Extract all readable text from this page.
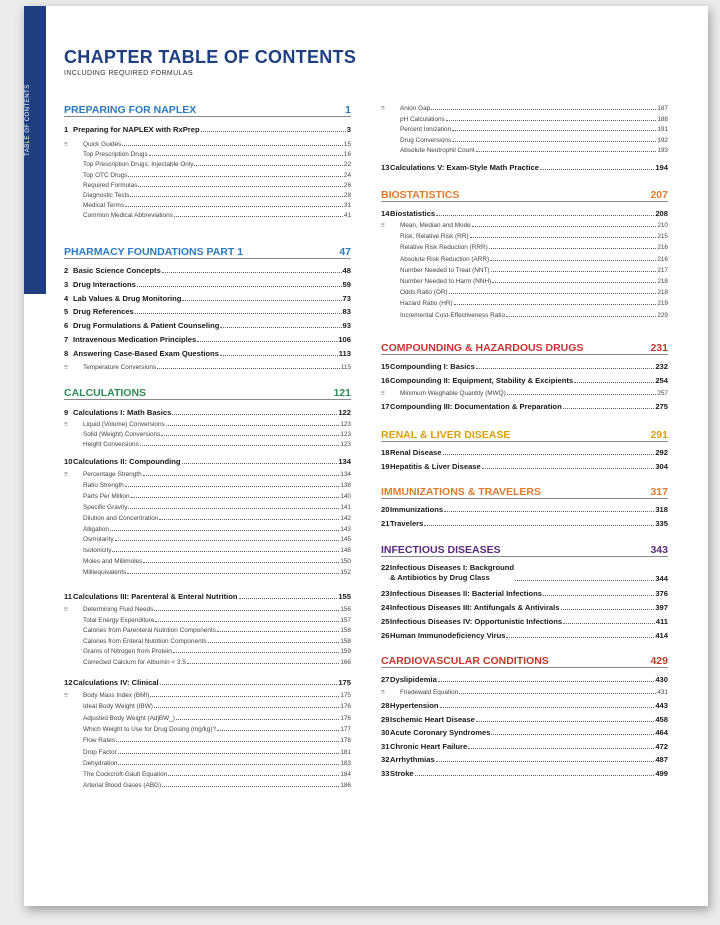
TABLE OF CONTENTS
CHAPTER TABLE OF CONTENTS
INCLUDING REQUIRED FORMULAS
PREPARING FOR NAPLEX	1
1 Preparing for NAPLEX with RxPrep	3
≡ Quick Guides	15
Top Prescription Drugs	16
Top Prescription Drugs: Injectable Only	22
Top OTC Drugs	24
Required Formulas	26
Diagnostic Tests	28
Medical Terms	31
Common Medical Abbreviations	41
PHARMACY FOUNDATIONS PART 1	47
2 Basic Science Concepts	48
3 Drug Interactions	59
4 Lab Values & Drug Monitoring	73
5 Drug References	83
6 Drug Formulations & Patient Counseling	93
7 Intravenous Medication Principles	106
8 Answering Case-Based Exam Questions	113
≡ Temperature Conversions	115
CALCULATIONS	121
9 Calculations I: Math Basics	122
≡ Liquid (Volume) Conversions	123
Solid (Weight) Conversions	123
Height Conversions	123
10Calculations II: Compounding	134
≡ Percentage Strength	134
Ratio Strength	138
Parts Per Million	140
Specific Gravity	141
Dilution and Concentration	142
Alligation	143
Osmolarity	145
Isotonicity	148
Moles and Millimoles	150
Milliequivalents	152
11Calculations III: Parenteral & Enteral Nutrition	155
≡ Determining Fluid Needs	156
Total Energy Expenditure	157
Calories from Parenteral Nutrition Components	158
Calories from Enteral Nutrition Components	158
Grams of Nitrogen from Protein	159
Corrected Calcium for Albumin < 3.5	166
12Calculations IV: Clinical	175
≡ Body Mass Index (BMI)	175
Ideal Body Weight (IBW)	176
Adjusted Body Weight (AdjBW_)	176
Which Weight to Use for Drug Dosing (mg/kg)?	177
Flow Rates	178
Drop Factor	181
Dehydration	183
The Cockcroft-Gault Equation	184
Arterial Blood Gases (ABG)	186
≡ Anion Gap	187
pH Calculations	188
Percent Ionization	191
Drug Conversions	192
Absolute Neutrophil Count	193
13Calculations V: Exam-Style Math Practice	194
BIOSTATISTICS	207
14Biostatistics	208
≡ Mean, Median and Mode	210
Risk, Relative Risk (RR)	215
Relative Risk Reduction (RRR)	216
Absolute Risk Reduction (ARR)	216
Number Needed to Treat (NNT)	217
Number Needed to Harm (NNH)	218
Odds Ratio (OR)	218
Hazard Ratio (HR)	219
Incremental Cost-Effectiveness Ratio	229
COMPOUNDING & HAZARDOUS DRUGS	231
15Compounding I: Basics	232
16Compounding II: Equipment, Stability & Excipients	254
≡ Minimum Weighable Quantity (MWQ)	257
17Compounding III: Documentation & Preparation	275
RENAL & LIVER DISEASE	291
18Renal Disease	292
19Hepatitis & Liver Disease	304
IMMUNIZATIONS & TRAVELERS	317
20Immunizations	318
21Travelers	335
INFECTIOUS DISEASES	343
22 Infectious Diseases I: Background
& Antibiotics by Drug Class	344
23Infectious Diseases II: Bacterial Infections	376
24Infectious Diseases III: Antifungals & Antivirals	397
25Infectious Diseases IV: Opportunistic Infections	411
26Human Immunodeficiency Virus	414
CARDIOVASCULAR CONDITIONS	429
27Dyslipidemia	430
≡ Friedewald Equation	431
28Hypertension	443
29Ischemic Heart Disease	458
30Acute Coronary Syndromes	464
31Chronic Heart Failure	472
32Arrhythmias	487
33Stroke	499
